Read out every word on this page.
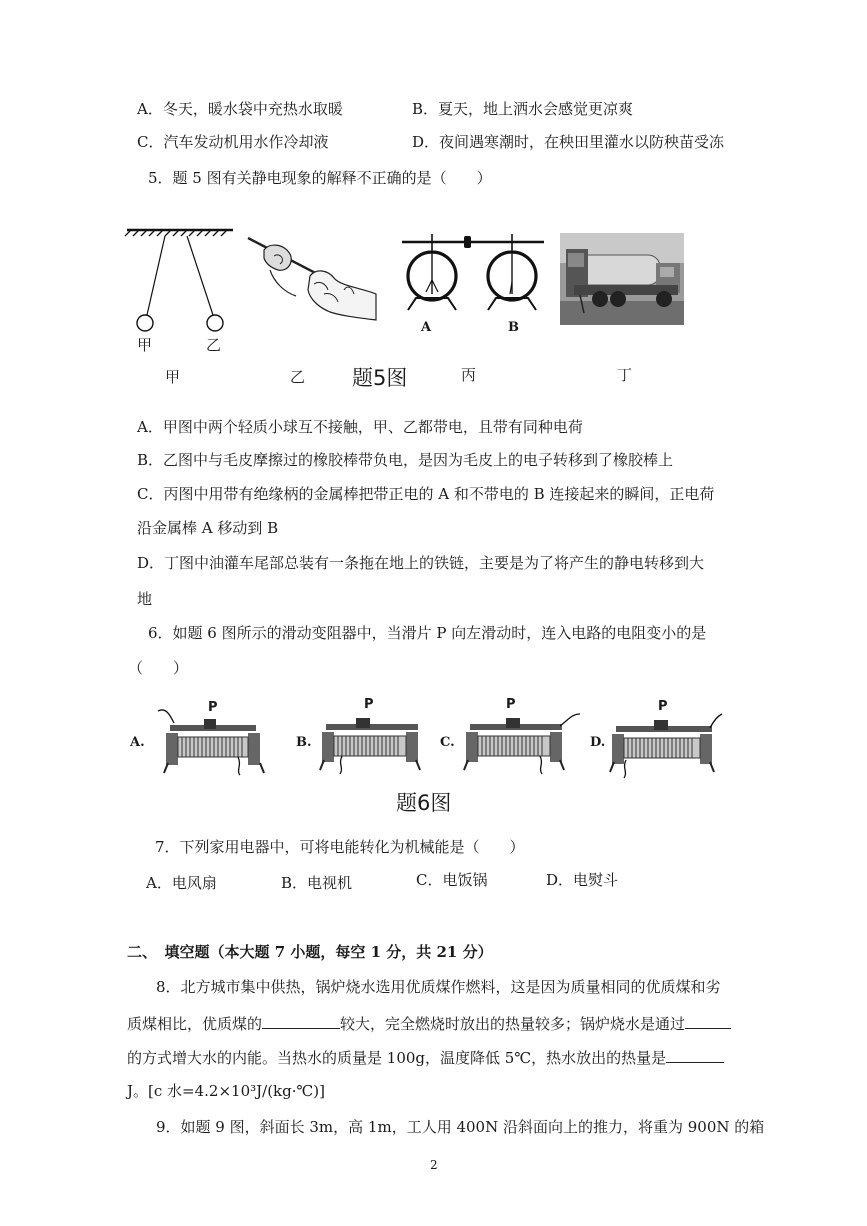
A．冬天，暖水袋中充热水取暖	B．夏天，地上洒水会感觉更凉爽
C．汽车发动机用水作冷却液	D．夜间遇寒潮时，在秧田里灌水以防秧苗受冻
5．题 5 图有关静电现象的解释不正确的是（　　）
甲	乙
A	B
甲	乙 题5图	丙	丁
A．甲图中两个轻质小球互不接触，甲、乙都带电，且带有同种电荷
B．乙图中与毛皮摩擦过的橡胶棒带负电，是因为毛皮上的电子转移到了橡胶棒上
C．丙图中用带有绝缘柄的金属棒把带正电的 A 和不带电的 B 连接起来的瞬间，正电荷
沿金属棒 A 移动到 B
D．丁图中油灌车尾部总装有一条拖在地上的铁链，主要是为了将产生的静电转移到大
地
6．如题 6 图所示的滑动变阻器中，当滑片 P 向左滑动时，连入电路的电阻变小的是
（　　）
A.	B.	C.	D.
P	P	P	P
题6图
7．下列家用电器中，可将电能转化为机械能是（　　）
A．电风扇	B．电视机	C．电饭锅	D．电熨斗
二、　填空题（本大题 7 小题，每空 1 分，共 21 分）
8．北方城市集中供热，锅炉烧水选用优质煤作燃料，这是因为质量相同的优质煤和劣
质煤相比，优质煤的	较大，完全燃烧时放出的热量较多；锅炉烧水是通过
的方式增大水的内能。当热水的质量是 100g，温度降低 5℃，热水放出的热量是
J。[c 水=4.2×10³J/(kg·℃)]
9．如题 9 图，斜面长 3m，高 1m，工人用 400N 沿斜面向上的推力，将重为 900N 的箱
2
